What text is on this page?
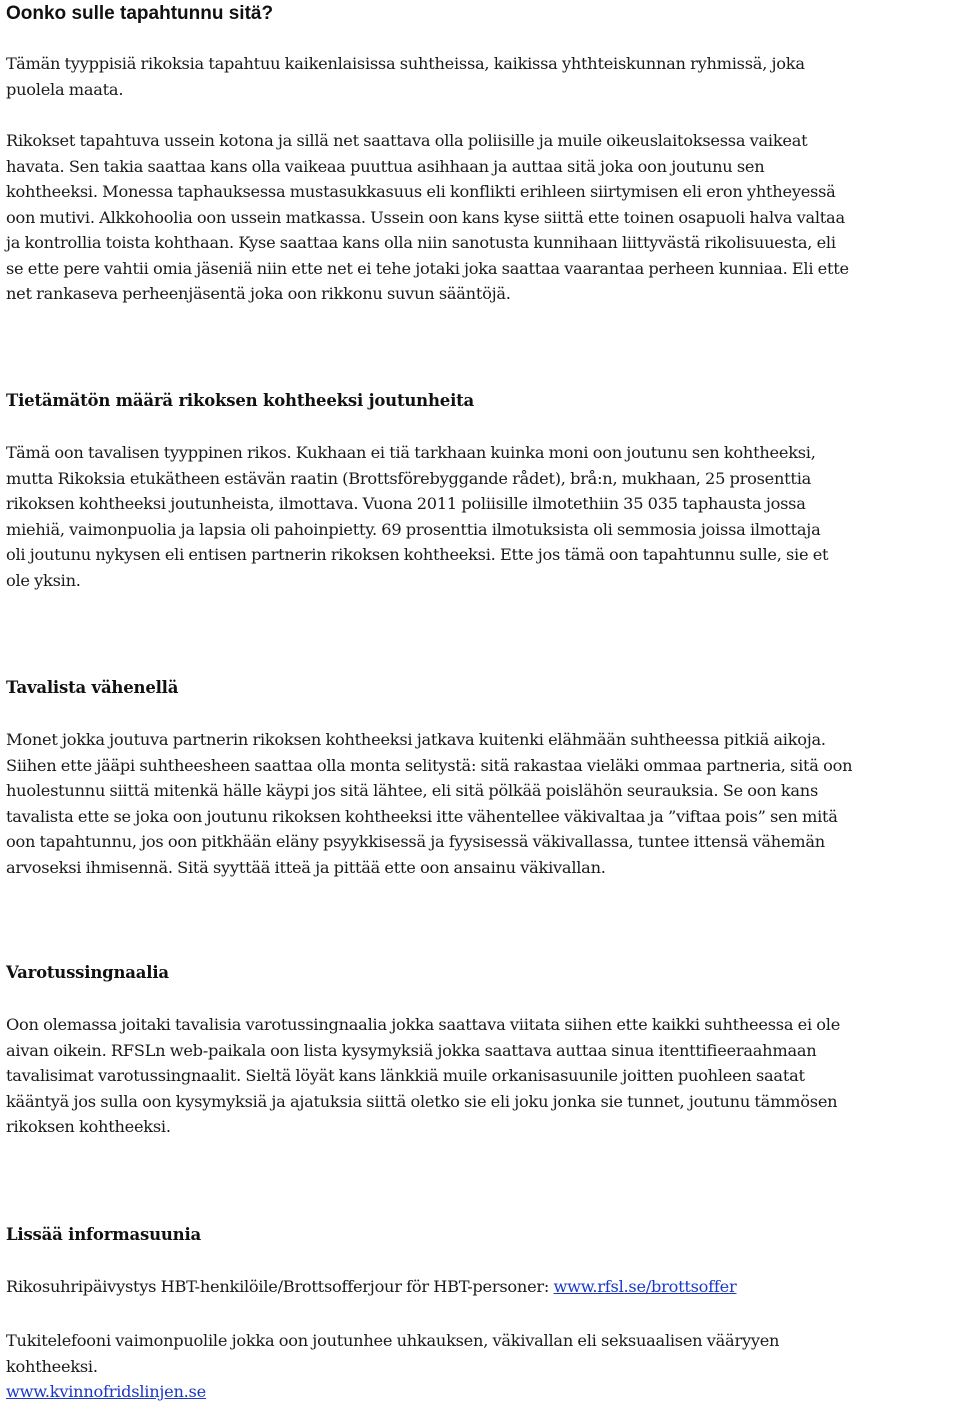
Oonko sulle tapahtunnu sitä?

Tämän tyyppisiä rikoksia tapahtuu kaikenlaisissa suhtheissa, kaikissa yhthteiskunnan ryhmissä, joka
puolela maata.

Rikokset tapahtuva ussein kotona ja sillä net saattava olla poliisille ja muile oikeuslaitoksessa vaikeat
havata. Sen takia saattaa kans olla vaikeaa puuttua asihhaan ja auttaa sitä joka oon joutunu sen
kohtheeksi. Monessa taphauksessa mustasukkasuus eli konflikti erihleen siirtymisen eli eron yhtheyessä
oon mutivi. Alkkohoolia oon ussein matkassa. Ussein oon kans kyse siittä ette toinen osapuoli halva valtaa
ja kontrollia toista kohthaan. Kyse saattaa kans olla niin sanotusta kunnihaan liittyvästä rikolisuuesta, eli
se ette pere vahtii omia jäseniä niin ette net ei tehe jotaki joka saattaa vaarantaa perheen kunniaa. Eli ette
net rankaseva perheenjäsentä joka oon rikkonu suvun sääntöjä.

Tietämätön määrä rikoksen kohtheeksi joutunheita

Tämä oon tavalisen tyyppinen rikos. Kukhaan ei tiä tarkhaan kuinka moni oon joutunu sen kohtheeksi,
mutta Rikoksia etukätheen estävän raatin (Brottsförebyggande rådet), brå:n, mukhaan, 25 prosenttia
rikoksen kohtheeksi joutunheista, ilmottava. Vuona 2011 poliisille ilmotethiin 35 035 taphausta jossa
miehiä, vaimonpuolia ja lapsia oli pahoinpietty. 69 prosenttia ilmotuksista oli semmosia joissa ilmottaja
oli joutunu nykysen eli entisen partnerin rikoksen kohtheeksi. Ette jos tämä oon tapahtunnu sulle, sie et
ole yksin.

Tavalista vähenellä

Monet jokka joutuva partnerin rikoksen kohtheeksi jatkava kuitenki elähmään suhtheessa pitkiä aikoja.
Siihen ette jääpi suhtheesheen saattaa olla monta selitystä: sitä rakastaa vieläki ommaa partneria, sitä oon
huolestunnu siittä mitenkä hälle käypi jos sitä lähtee, eli sitä pölkää poislähön seurauksia. Se oon kans
tavalista ette se joka oon joutunu rikoksen kohtheeksi itte vähentellee väkivaltaa ja ”viftaa pois” sen mitä
oon tapahtunnu, jos oon pitkhään eläny psyykkisessä ja fyysisessä väkivallassa, tuntee ittensä vähemän
arvoseksi ihmisennä. Sitä syyttää itteä ja pittää ette oon ansainu väkivallan.

Varotussingnaalia

Oon olemassa joitaki tavalisia varotussingnaalia jokka saattava viitata siihen ette kaikki suhtheessa ei ole
aivan oikein. RFSLn web-paikala oon lista kysymyksiä jokka saattava auttaa sinua itenttifieeraahmaan
tavalisimat varotussingnaalit. Sieltä löyät kans länkkiä muile orkanisasuunile joitten puohleen saatat
kääntyä jos sulla oon kysymyksiä ja ajatuksia siittä oletko sie eli joku jonka sie tunnet, joutunu tämmösen
rikoksen kohtheeksi.

Lissää informasuunia

Rikosuhripäivystys HBT-henkilöile/Brottsofferjour för HBT-personer: www.rfsl.se/brottsoffer

Tukitelefooni vaimonpuolile jokka oon joutunhee uhkauksen, väkivallan eli seksuaalisen vääryyen
kohtheeksi.

www.kvinnofridslinjen.se
